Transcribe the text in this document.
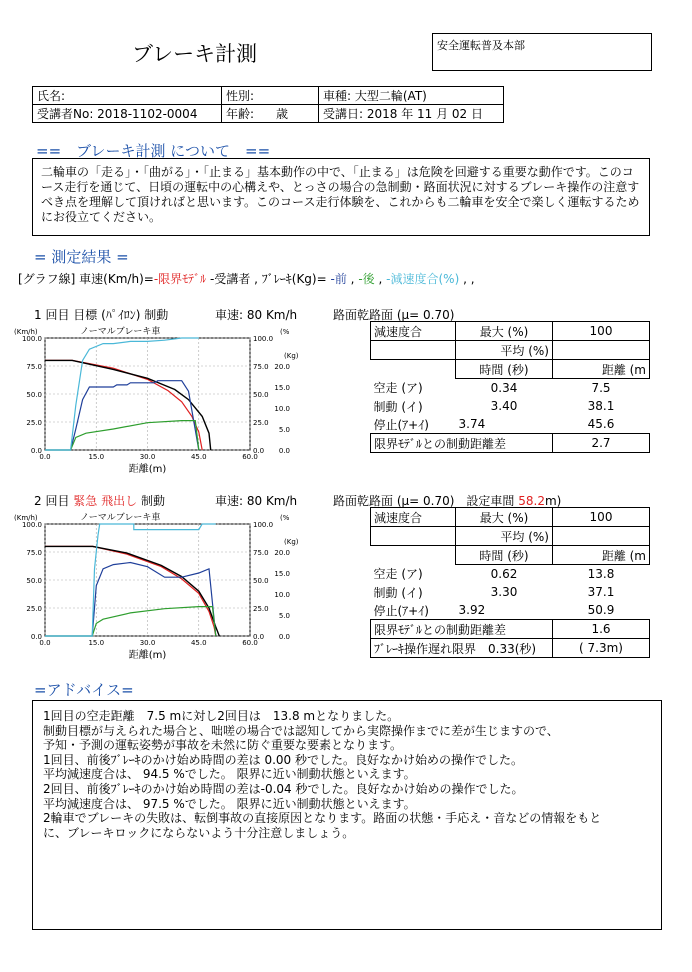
ブレーキ計測	安全運転普及本部
氏名:	性別:	車種: 大型二輪(AT)
受講者No: 2018-1102-0004	年齢: 歳	受講日: 2018 年 11 月 02 日
==　ブレーキ計測 について　==
二輪車の「走る」・「曲がる」・「止まる」基本動作の中で、「止まる」は危険を回避する重要な動作です。このコース走行を通じて、日頃の運転中の心構えや、とっさの場合の急制動・路面状況に対するブレーキ操作の注意すべき点を理解して頂ければと思います。このコース走行体験を、これからも二輪車を安全で楽しく運転するためにお役立てください。
= 測定結果 =
[グラフ線] 車速(Km/h)=-限界ﾓﾃﾞﾙ -受講者 , ﾌﾞﾚｰｷ(Kg)= -前 , -後 , -減速度合(%) , ,
1 回目 目標 (ﾊﾟｲﾛﾝ) 制動	車速: 80 Km/h	路面乾路面 (μ= 0.70)
0.0	0.0
25.0	25.0
50.0	50.0
75.0	75.0
100.0	100.0
0.0	15.0	30.0	45.0	60.0
0.0
5.0
10.0
15.0
20.0
(Kg)
(Km/h)	(%
ノーマルブレーキ車
距離(m)
減速度合	最大 (%)	100
	平均 (%)	
	時間 (秒)	距離 (m
空走 (ア)	0.34	7.5
制動 (イ)	3.40	38.1
停止(ｱ+ｲ)	3.74	45.6
限界ﾓﾃﾞﾙとの制動距離差		2.7
2 回目 緊急 飛出し 制動	車速: 80 Km/h	路面乾路面 (μ= 0.70)　 設定車間 58.2m)
0.0	0.0
25.0	25.0
50.0	50.0
75.0	75.0
100.0	100.0
0.0	15.0	30.0	45.0	60.0
0.0
5.0
10.0
15.0
20.0
(Kg)
(Km/h)	(%
ノーマルブレーキ車
距離(m)
減速度合	最大 (%)	100
	平均 (%)	
	時間 (秒)	距離 (m
空走 (ア)	0.62	13.8
制動 (イ)	3.30	37.1
停止(ｱ+ｲ)	3.92	50.9
限界ﾓﾃﾞﾙとの制動距離差		1.6
ﾌﾞﾚｰｷ操作遅れ限界　 0.33(秒)		( 7.3m)
=アドバイス=
1回目の空走距離　7.5 mに対し2回目は　13.8 mとなりました。
制動目標が与えられた場合と、咄嗟の場合では認知してから実際操作までに差が生じますので、
予知・予測の運転姿勢が事故を未然に防ぐ重要な要素となります。
1回目、前後ﾌﾞﾚｰｷのかけ始め時間の差は 0.00 秒でした。良好なかけ始めの操作でした。
平均減速度合は、 94.5 %でした。 限界に近い制動状態といえます。
2回目、前後ﾌﾞﾚｰｷのかけ始め時間の差は-0.04 秒でした。良好なかけ始めの操作でした。
平均減速度合は、 97.5 %でした。 限界に近い制動状態といえます。
2輪車でブレーキの失敗は、転倒事故の直接原因となります。路面の状態・手応え・音などの情報をもと
に、ブレーキロックにならないよう十分注意しましょう。
